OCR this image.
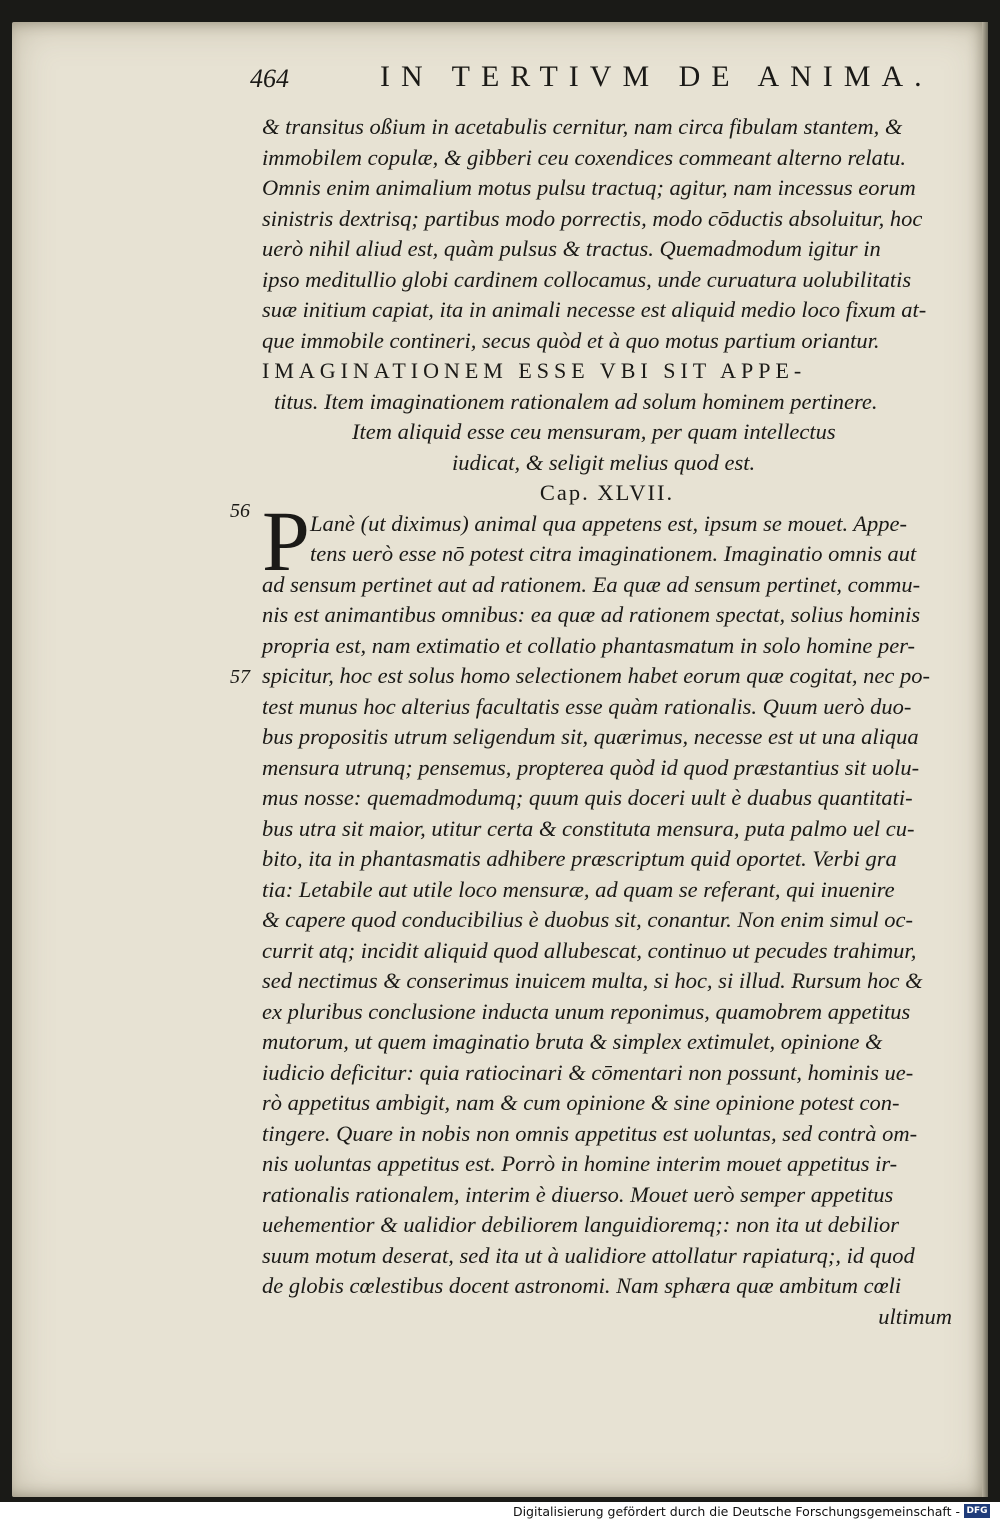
464	IN TERTIVM DE ANIMA.
P
56
57
& transitus oßium in acetabulis cernitur, nam circa fibulam stantem, &
immobilem copulæ, & gibberi ceu coxendices commeant alterno relatu.
Omnis enim animalium motus pulsu tractuq; agitur, nam incessus eorum
sinistris dextrisq; partibus modo porrectis, modo cōductis absoluitur, hoc
uerò nihil aliud est, quàm pulsus & tractus. Quemadmodum igitur in
ipso meditullio globi cardinem collocamus, unde curuatura uolubilitatis
suæ initium capiat, ita in animali necesse est aliquid medio loco fixum at-
que immobile contineri, secus quòd et à quo motus partium oriantur.
IMAGINATIONEM ESSE VBI SIT APPE-
titus. Item imaginationem rationalem ad solum hominem pertinere.
Item aliquid esse ceu mensuram, per quam intellectus
iudicat, & seligit melius quod est.
Cap. XLVII.
Lanè (ut diximus) animal qua appetens est, ipsum se mouet. Appe-
tens uerò esse nō potest citra imaginationem. Imaginatio omnis aut
ad sensum pertinet aut ad rationem. Ea quæ ad sensum pertinet, commu-
nis est animantibus omnibus: ea quæ ad rationem spectat, solius hominis
propria est, nam extimatio et collatio phantasmatum in solo homine per-
spicitur, hoc est solus homo selectionem habet eorum quæ cogitat, nec po-
test munus hoc alterius facultatis esse quàm rationalis. Quum uerò duo-
bus propositis utrum seligendum sit, quærimus, necesse est ut una aliqua
mensura utrunq; pensemus, propterea quòd id quod præstantius sit uolu-
mus nosse: quemadmodumq; quum quis doceri uult è duabus quantitati-
bus utra sit maior, utitur certa & constituta mensura, puta palmo uel cu-
bito, ita in phantasmatis adhibere præscriptum quid oportet. Verbi gra
tia: Letabile aut utile loco mensuræ, ad quam se referant, qui inuenire
& capere quod conducibilius è duobus sit, conantur. Non enim simul oc-
currit atq; incidit aliquid quod allubescat, continuo ut pecudes trahimur,
sed nectimus & conserimus inuicem multa, si hoc, si illud. Rursum hoc &
ex pluribus conclusione inducta unum reponimus, quamobrem appetitus
mutorum, ut quem imaginatio bruta & simplex extimulet, opinione &
iudicio deficitur: quia ratiocinari & cōmentari non possunt, hominis ue-
rò appetitus ambigit, nam & cum opinione & sine opinione potest con-
tingere. Quare in nobis non omnis appetitus est uoluntas, sed contrà om-
nis uoluntas appetitus est. Porrò in homine interim mouet appetitus ir-
rationalis rationalem, interim è diuerso. Mouet uerò semper appetitus
uehementior & ualidior debiliorem languidioremq;: non ita ut debilior
suum motum deserat, sed ita ut à ualidiore attollatur rapiaturq;, id quod
de globis cœlestibus docent astronomi. Nam sphæra quæ ambitum cœli
ultimum
Digitalisierung gefördert durch die Deutsche Forschungsgemeinschaft - DFG
